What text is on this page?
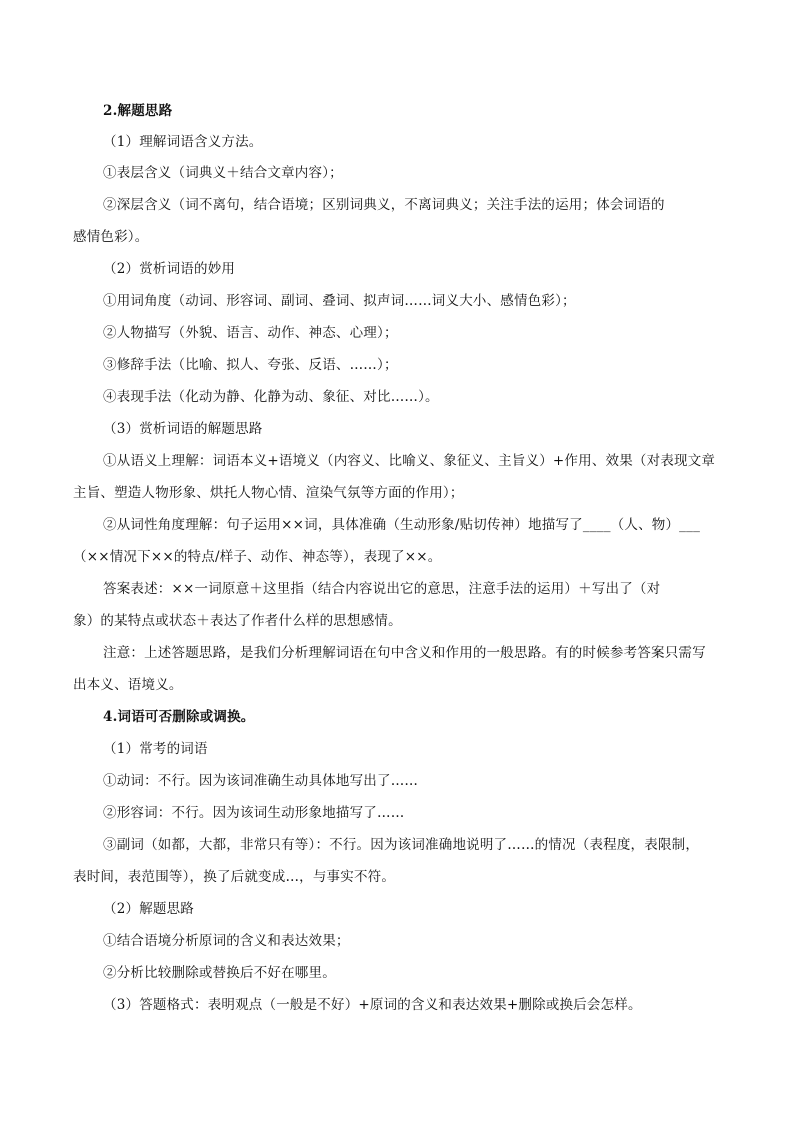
2.解题思路
（1）理解词语含义方法。
①表层含义（词典义＋结合文章内容）；
②深层含义（词不离句，结合语境；区别词典义，不离词典义；关注手法的运用；体会词语的
感情色彩）。
（2）赏析词语的妙用
①用词角度（动词、形容词、副词、叠词、拟声词……词义大小、感情色彩）；
②人物描写（外貌、语言、动作、神态、心理）；
③修辞手法（比喻、拟人、夸张、反语、……）；
④表现手法（化动为静、化静为动、象征、对比……）。
（3）赏析词语的解题思路
①从语义上理解：词语本义+语境义（内容义、比喻义、象征义、主旨义）+作用、效果（对表现文章
主旨、塑造人物形象、烘托人物心情、渲染气氛等方面的作用）；
②从词性角度理解：句子运用××词，具体准确（生动形象/贴切传神）地描写了____（人、物）___
（××情况下××的特点/样子、动作、神态等），表现了××。
答案表述：××一词原意＋这里指（结合内容说出它的意思，注意手法的运用）＋写出了（对
象）的某特点或状态＋表达了作者什么样的思想感情。
注意：上述答题思路，是我们分析理解词语在句中含义和作用的一般思路。有的时候参考答案只需写
出本义、语境义。
4.词语可否删除或调换。
（1）常考的词语
①动词：不行。因为该词准确生动具体地写出了……
②形容词：不行。因为该词生动形象地描写了……
③副词（如都，大都，非常只有等）：不行。因为该词准确地说明了……的情况（表程度，表限制，
表时间，表范围等），换了后就变成…，与事实不符。
（2）解题思路
①结合语境分析原词的含义和表达效果；
②分析比较删除或替换后不好在哪里。
（3）答题格式：表明观点（一般是不好）+原词的含义和表达效果+删除或换后会怎样。
